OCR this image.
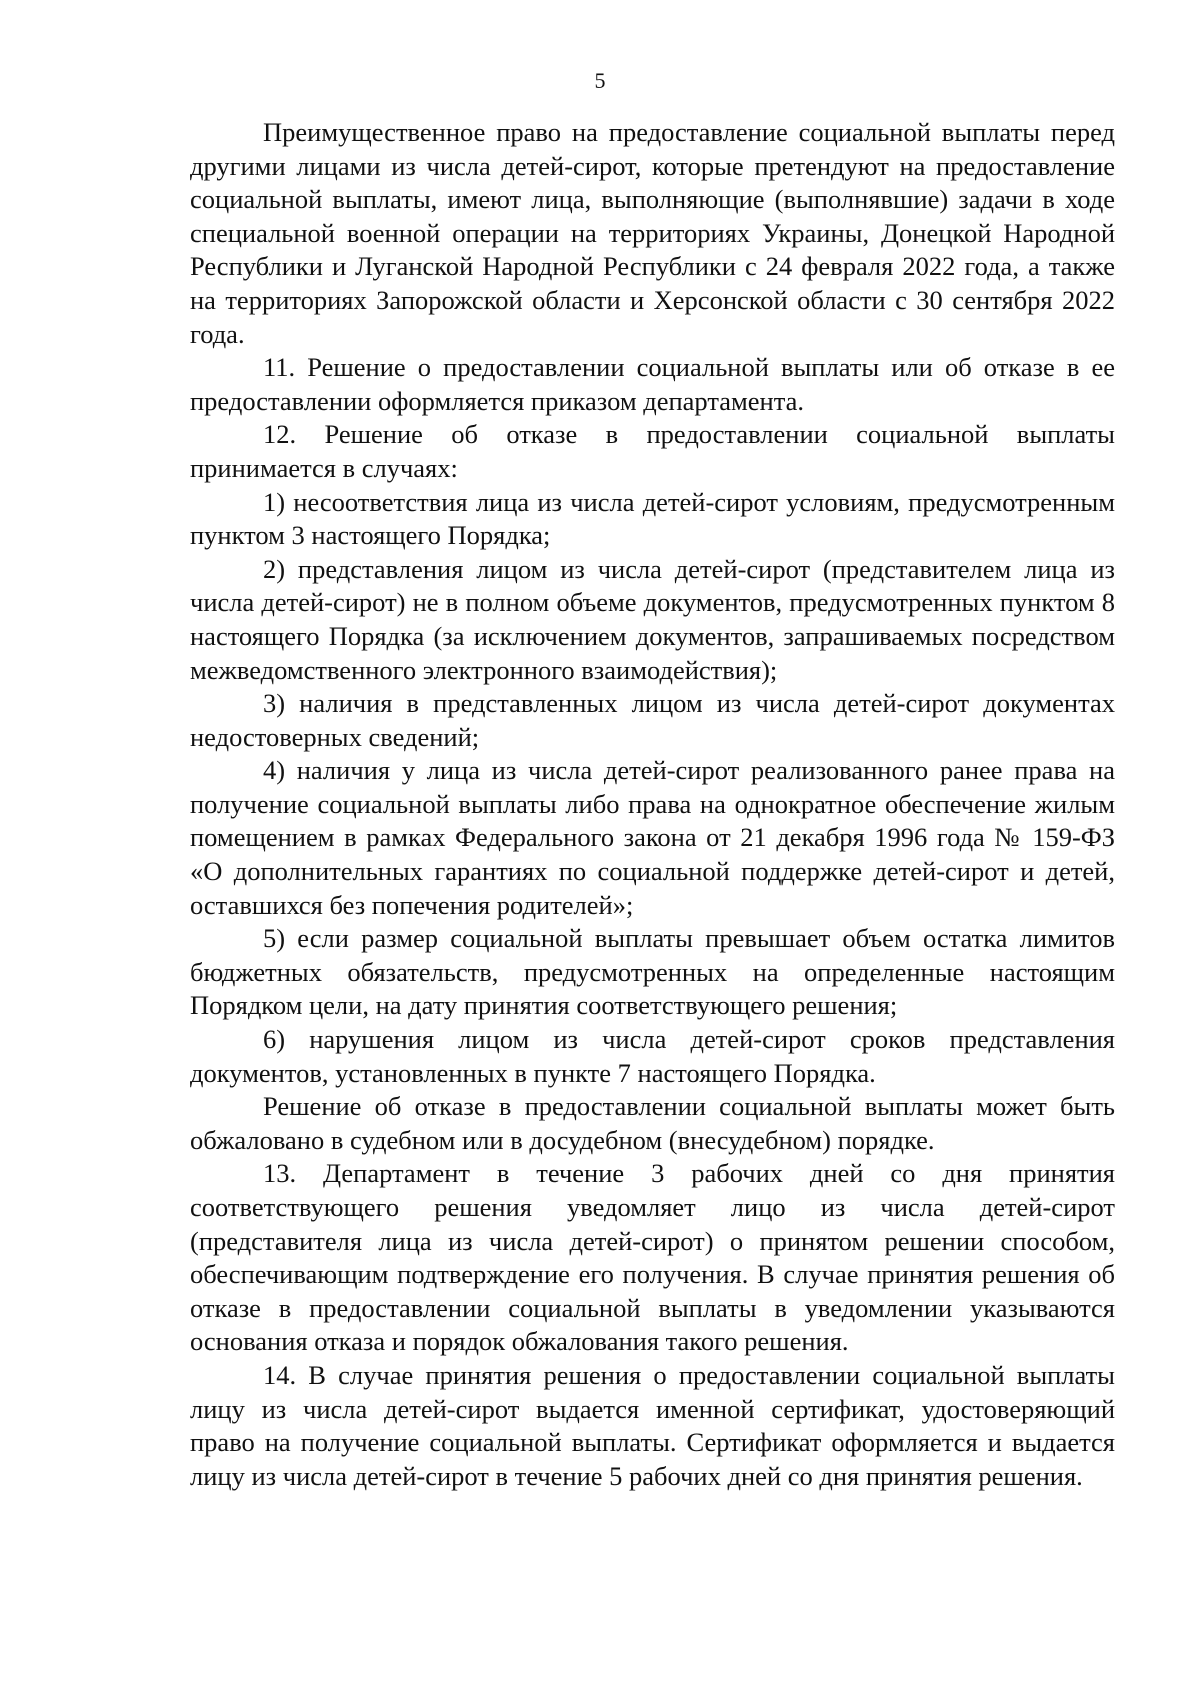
5

Преимущественное право на предоставление социальной выплаты перед другими лицами из числа детей-сирот, которые претендуют на предоставление социальной выплаты, имеют лица, выполняющие (выполнявшие) задачи в ходе специальной военной операции на территориях Украины, Донецкой Народной Республики и Луганской Народной Республики с 24 февраля 2022 года, а также на территориях Запорожской области и Херсонской области с 30 сентября 2022 года.

11. Решение о предоставлении социальной выплаты или об отказе в ее предоставлении оформляется приказом департамента.

12. Решение об отказе в предоставлении социальной выплаты принимается в случаях:

1) несоответствия лица из числа детей-сирот условиям, предусмотренным пунктом 3 настоящего Порядка;

2) представления лицом из числа детей-сирот (представителем лица из числа детей-сирот) не в полном объеме документов, предусмотренных пунктом 8 настоящего Порядка (за исключением документов, запрашиваемых посредством межведомственного электронного взаимодействия);

3) наличия в представленных лицом из числа детей-сирот документах недостоверных сведений;

4) наличия у лица из числа детей-сирот реализованного ранее права на получение социальной выплаты либо права на однократное обеспечение жилым помещением в рамках Федерального закона от 21 декабря 1996 года № 159-ФЗ «О дополнительных гарантиях по социальной поддержке детей-сирот и детей, оставшихся без попечения родителей»;

5) если размер социальной выплаты превышает объем остатка лимитов бюджетных обязательств, предусмотренных на определенные настоящим Порядком цели, на дату принятия соответствующего решения;

6) нарушения лицом из числа детей-сирот сроков представления документов, установленных в пункте 7 настоящего Порядка.

Решение об отказе в предоставлении социальной выплаты может быть обжаловано в судебном или в досудебном (внесудебном) порядке.

13. Департамент в течение 3 рабочих дней со дня принятия соответствующего решения уведомляет лицо из числа детей-сирот (представителя лица из числа детей-сирот) о принятом решении способом, обеспечивающим подтверждение его получения. В случае принятия решения об отказе в предоставлении социальной выплаты в уведомлении указываются основания отказа и порядок обжалования такого решения.

14. В случае принятия решения о предоставлении социальной выплаты лицу из числа детей-сирот выдается именной сертификат, удостоверяющий право на получение социальной выплаты. Сертификат оформляется и выдается лицу из числа детей-сирот в течение 5 рабочих дней со дня принятия решения.
